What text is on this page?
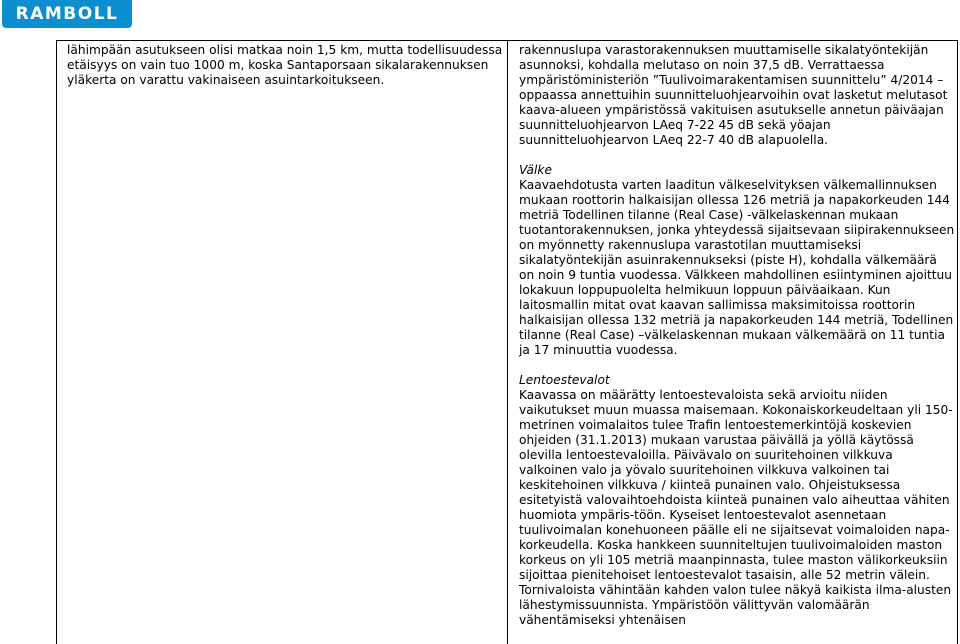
RAMBOLL

lähimpään asutukseen olisi matkaa noin 1,5 km, mutta todellisuudessa etäisyys on vain tuo 1000 m, koska Santaporsaan sikalarakennuksen yläkerta on varattu vakinaiseen asuintarkoitukseen.

rakennuslupa varastorakennuksen muuttamiselle sikalatyöntekijän asunnoksi, kohdalla melutaso on noin 37,5 dB. Verrattaessa ympäristöministeriön ”Tuulivoimarakentamisen suunnittelu” 4/2014 –oppaassa annettuihin suunnitteluohjearvoihin ovat lasketut melutasot kaava-alueen ympäristössä vakituisen asutukselle annetun päiväajan suunnitteluohjearvon LAeq 7-22 45 dB sekä yöajan suunnitteluohjearvon LAeq 22-7 40 dB alapuolella.

Välke

Kaavaehdotusta varten laaditun välkeselvityksen välkemallinnuksen mukaan roottorin halkaisijan ollessa 126 metriä ja napakorkeuden 144 metriä Todellinen tilanne (Real Case) -välkelaskennan mukaan tuotantorakennuksen, jonka yhteydessä sijaitsevaan siipirakennukseen on myönnetty rakennuslupa varastotilan muuttamiseksi sikalatyöntekijän asuinrakennukseksi (piste H), kohdalla välkemäärä on noin 9 tuntia vuodessa. Välkkeen mahdollinen esiintyminen ajoittuu lokakuun loppupuolelta helmikuun loppuun päiväaikaan. Kun laitosmallin mitat ovat kaavan sallimissa maksimitoissa roottorin halkaisijan ollessa 132 metriä ja napakorkeuden 144 metriä, Todellinen tilanne (Real Case) –välkelaskennan mukaan välkemäärä on 11 tuntia ja 17 minuuttia vuodessa.

Lentoestevalot

Kaavassa on määrätty lentoestevaloista sekä arvioitu niiden vaikutukset muun muassa maisemaan. Kokonaiskorkeudeltaan yli 150-metrinen voimalaitos tulee Trafin lentoestemerkintöjä koskevien ohjeiden (31.1.2013) mukaan varustaa päivällä ja yöllä käytössä olevilla lentoestevaloilla. Päivävalo on suuritehoinen vilkkuva valkoinen valo ja yövalo suuritehoinen vilkkuva valkoinen tai keskitehoinen vilkkuva / kiinteä punainen valo. Ohjeistuksessa esitetyistä valovaihtoehdoista kiinteä punainen valo aiheuttaa vähiten huomiota ympäris-töön. Kyseiset lentoestevalot asennetaan tuulivoimalan konehuoneen päälle eli ne sijaitsevat voimaloiden napa-korkeudella. Koska hankkeen suunniteltujen tuulivoimaloiden maston korkeus on yli 105 metriä maanpinnasta, tulee maston välikorkeuksiin sijoittaa pienitehoiset lentoestevalot tasaisin, alle 52 metrin välein. Tornivaloista vähintään kahden valon tulee näkyä kaikista ilma-alusten lähestymissuunnista. Ympäristöön välittyvän valomäärän vähentämiseksi yhtenäisen
